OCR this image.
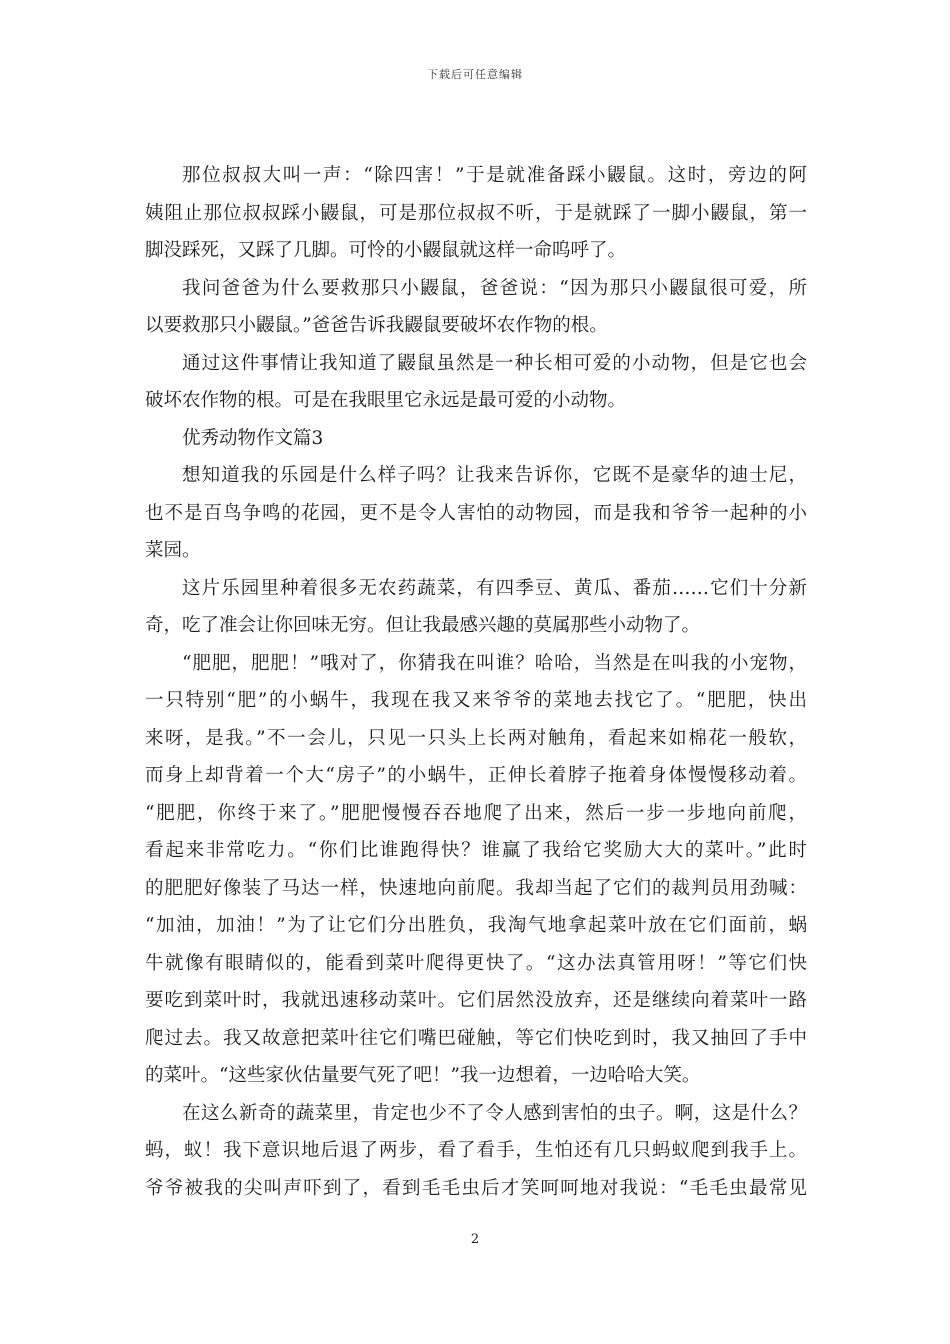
下载后可任意编辑
那位叔叔大叫一声：“除四害！”于是就准备踩小鼹鼠。这时，旁边的阿
姨阻止那位叔叔踩小鼹鼠，可是那位叔叔不听，于是就踩了一脚小鼹鼠，第一
脚没踩死，又踩了几脚。可怜的小鼹鼠就这样一命呜呼了。
我问爸爸为什么要救那只小鼹鼠，爸爸说：“因为那只小鼹鼠很可爱，所
以要救那只小鼹鼠。”爸爸告诉我鼹鼠要破坏农作物的根。
通过这件事情让我知道了鼹鼠虽然是一种长相可爱的小动物，但是它也会
破坏农作物的根。可是在我眼里它永远是最可爱的小动物。
优秀动物作文篇3
想知道我的乐园是什么样子吗？让我来告诉你，它既不是豪华的迪士尼，
也不是百鸟争鸣的花园，更不是令人害怕的动物园，而是我和爷爷一起种的小
菜园。
这片乐园里种着很多无农药蔬菜，有四季豆、黄瓜、番茄……它们十分新
奇，吃了准会让你回味无穷。但让我最感兴趣的莫属那些小动物了。
“肥肥，肥肥！”哦对了，你猜我在叫谁？哈哈，当然是在叫我的小宠物，
一只特别“肥”的小蜗牛，我现在我又来爷爷的菜地去找它了。“肥肥，快出
来呀，是我。”不一会儿，只见一只头上长两对触角，看起来如棉花一般软，
而身上却背着一个大“房子”的小蜗牛，正伸长着脖子拖着身体慢慢移动着。
“肥肥，你终于来了。”肥肥慢慢吞吞地爬了出来，然后一步一步地向前爬，
看起来非常吃力。“你们比谁跑得快？谁赢了我给它奖励大大的菜叶。”此时
的肥肥好像装了马达一样，快速地向前爬。我却当起了它们的裁判员用劲喊：
“加油，加油！”为了让它们分出胜负，我淘气地拿起菜叶放在它们面前，蜗
牛就像有眼睛似的，能看到菜叶爬得更快了。“这办法真管用呀！”等它们快
要吃到菜叶时，我就迅速移动菜叶。它们居然没放弃，还是继续向着菜叶一路
爬过去。我又故意把菜叶往它们嘴巴碰触，等它们快吃到时，我又抽回了手中
的菜叶。“这些家伙估量要气死了吧！”我一边想着，一边哈哈大笑。
在这么新奇的蔬菜里，肯定也少不了令人感到害怕的虫子。啊，这是什么？
蚂，蚁！我下意识地后退了两步，看了看手，生怕还有几只蚂蚁爬到我手上。
爷爷被我的尖叫声吓到了，看到毛毛虫后才笑呵呵地对我说：“毛毛虫最常见
2
